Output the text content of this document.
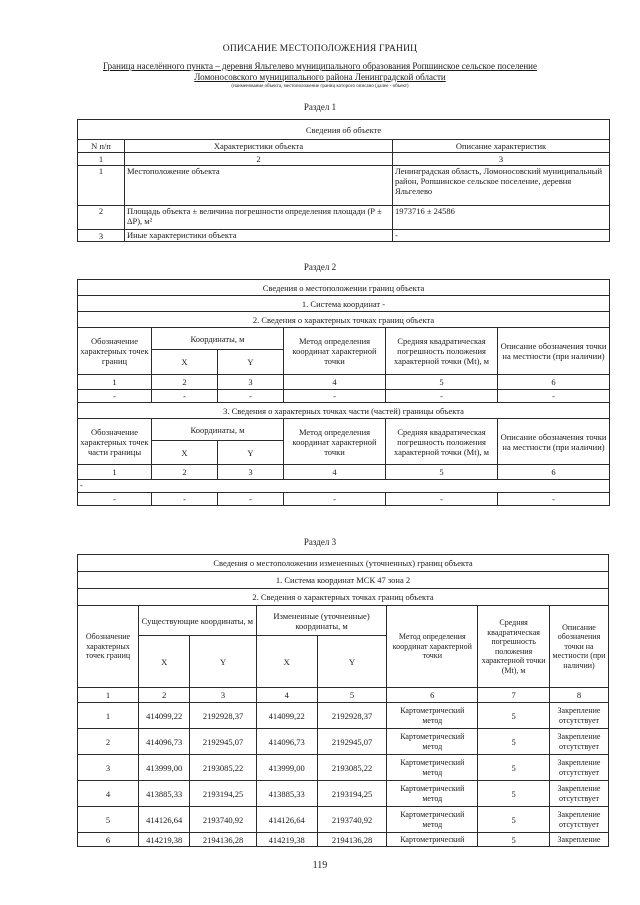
ОПИСАНИЕ МЕСТОПОЛОЖЕНИЯ ГРАНИЦ
Граница населённого пункта – деревня Яльгелево муниципального образования Ропшинское сельское поселение
Ломоносовского муниципального района Ленинградской области
(наименование объекта, местоположение границ которого описано (далее - объект)
Раздел 1
Сведения об объекте		
N п/п	Характеристики объекта	Описание характеристик
1	2	3
1	Местоположение объекта	Ленинградская область, Ломоносовский муниципальный район, Ропшинское сельское поселение, деревня Яльгелево
2	Площадь объекта ± величина погрешности определения площади (Р ± ΔР), м²	1973716 ± 24586
3	Иные характеристики объекта	-
Раздел 2
Сведения о местоположении границ объекта					
1. Система координат -					
2. Сведения о характерных точках границ объекта					
Обозначение характерных точек границ	Координаты, м		Метод определения координат характерной точки	Средняя квадратическая погрешность положения характерной точки (Mt), м	Описание обозначения точки на местности (при наличии)
	X	Y			
1	2	3	4	5	6
-	-	-	-	-	-
3. Сведения о характерных точках части (частей) границы объекта					
Обозначение характерных точек части границы	Координаты, м		Метод определения координат характерной точки	Средняя квадратическая погрешность положения характерной точки (Mt), м	Описание обозначения точки на местности (при наличии)
	X	Y			
1	2	3	4	5	6
-					
-	-	-	-	-	-
Раздел 3
Сведения о местоположении измененных (уточненных) границ объекта							
1. Система координат МСК 47 зона 2							
2. Сведения о характерных точках границ объекта							
Обозначение характерных точек границ	Существующие координаты, м		Измененные (уточненные) координаты, м		Метод определения координат характерной точки	Средняя квадратическая погрешность положения характерной точки (Mt), м	Описание обозначения точки на местности (при наличии)
	X	Y	X	Y			
1	2	3	4	5	6	7	8
1	414099,22	2192928,37	414099,22	2192928,37	Картометрический метод	5	Закрепление отсутствует
2	414096,73	2192945,07	414096,73	2192945,07	Картометрический метод	5	Закрепление отсутствует
3	413999,00	2193085,22	413999,00	2193085,22	Картометрический метод	5	Закрепление отсутствует
4	413885,33	2193194,25	413885,33	2193194,25	Картометрический метод	5	Закрепление отсутствует
5	414126,64	2193740,92	414126,64	2193740,92	Картометрический метод	5	Закрепление отсутствует
6	414219,38	2194136,28	414219,38	2194136,28	Картометрический	5	Закрепление
119
